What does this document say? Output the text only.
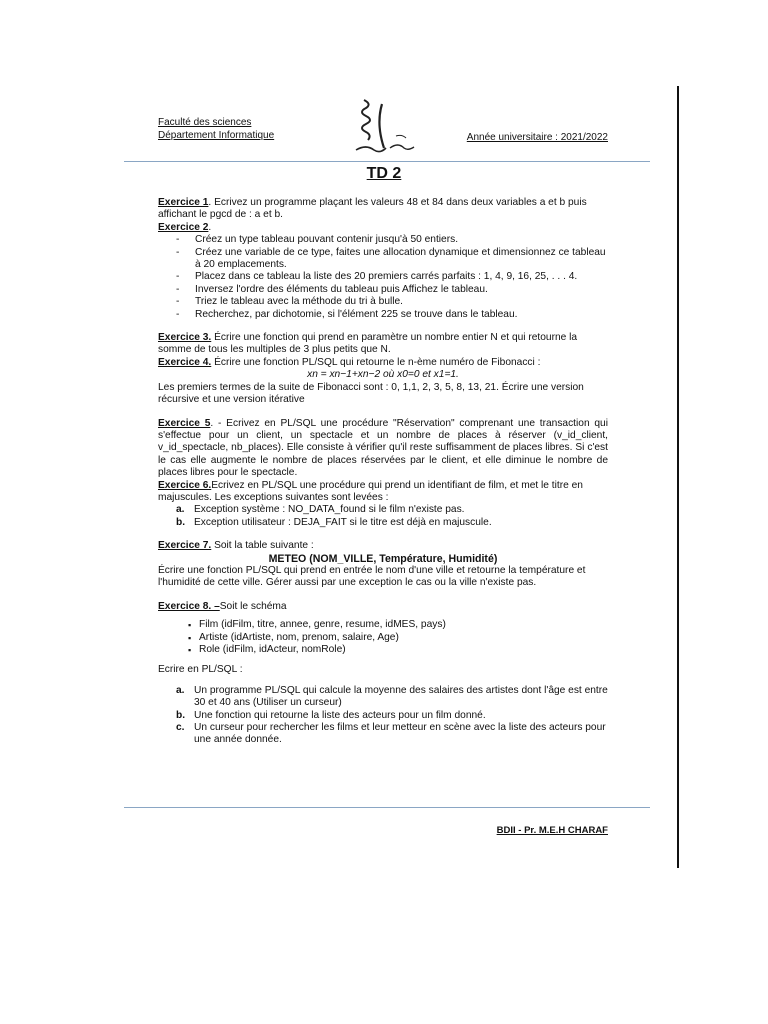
Faculté des sciences
Département Informatique	Année universitaire : 2021/2022
TD 2

Exercice 1. Ecrivez un programme plaçant les valeurs 48 et 84 dans deux variables a et b puis affichant le pgcd de : a et b.

Exercice 2.

- Créez un type tableau pouvant contenir jusqu'à 50 entiers.
- Créez une variable de ce type, faites une allocation dynamique et dimensionnez ce tableau à 20 emplacements.
- Placez dans ce tableau la liste des 20 premiers carrés parfaits : 1, 4, 9, 16, 25, . . . 4.
- Inversez l'ordre des éléments du tableau puis Affichez le tableau.
- Triez le tableau avec la méthode du tri à bulle.
- Recherchez, par dichotomie, si l'élément 225 se trouve dans le tableau.

Exercice 3. Écrire une fonction qui prend en paramètre un nombre entier N et qui retourne la somme de tous les multiples de 3 plus petits que N.

Exercice 4. Écrire une fonction PL/SQL qui retourne le n-ème numéro de Fibonacci :

xn = xn−1+xn−2 où x0=0 et x1=1.

Les premiers termes de la suite de Fibonacci sont : 0, 1,1, 2, 3, 5, 8, 13, 21. Écrire une version récursive et une version itérative

Exercice 5. - Ecrivez en PL/SQL une procédure "Réservation" comprenant une transaction qui s'effectue pour un client, un spectacle et un nombre de places à réserver (v_id_client, v_id_spectacle, nb_places). Elle consiste à vérifier qu'il reste suffisamment de places libres. Si c'est le cas elle augmente le nombre de places réservées par le client, et elle diminue le nombre de places libres pour le spectacle.

Exercice 6.Ecrivez en PL/SQL une procédure qui prend un identifiant de film, et met le titre en majuscules. Les exceptions suivantes sont levées :

a. Exception système : NO_DATA_found si le film n'existe pas.
b. Exception utilisateur : DEJA_FAIT si le titre est déjà en majuscule.

Exercice 7. Soit la table suivante :

METEO (NOM_VILLE, Température, Humidité)

Écrire une fonction PL/SQL qui prend en entrée le nom d'une ville et retourne la température et l'humidité de cette ville. Gérer aussi par une exception le cas ou la ville n'existe pas.

Exercice 8. –Soit le schéma

▪ Film (idFilm, titre, annee, genre, resume, idMES, pays)
▪ Artiste (idArtiste, nom, prenom, salaire, Age)
▪ Role (idFilm, idActeur, nomRole)

Ecrire en PL/SQL :

a. Un programme PL/SQL qui calcule la moyenne des salaires des artistes dont l'âge est entre 30 et 40 ans (Utiliser un curseur)
b. Une fonction qui retourne la liste des acteurs pour un film donné.
c. Un curseur pour rechercher les films et leur metteur en scène avec la liste des acteurs pour une année donnée.
BDII - Pr. M.E.H CHARAF
